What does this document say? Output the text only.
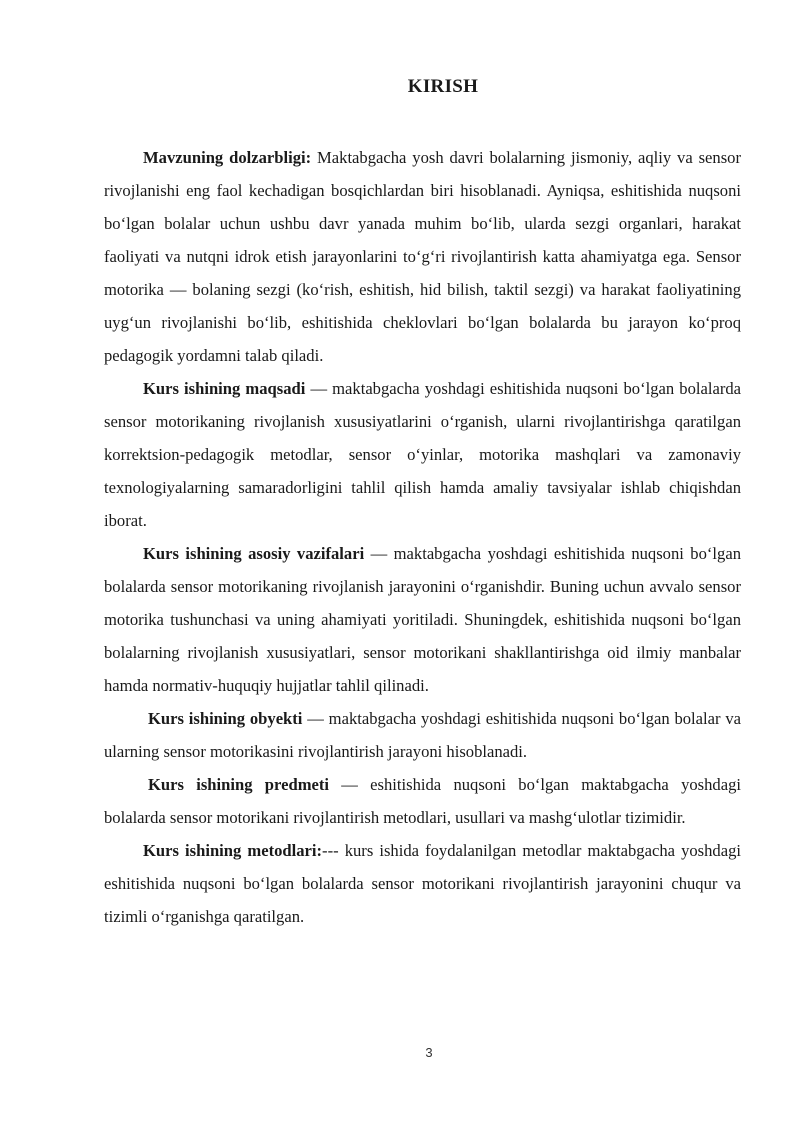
KIRISH

Mavzuning dolzarbligi: Maktabgacha yosh davri bolalarning jismoniy, aqliy va sensor rivojlanishi eng faol kechadigan bosqichlardan biri hisoblanadi. Ayniqsa, eshitishida nuqsoni bo‘lgan bolalar uchun ushbu davr yanada muhim bo‘lib, ularda sezgi organlari, harakat faoliyati va nutqni idrok etish jarayonlarini to‘g‘ri rivojlantirish katta ahamiyatga ega. Sensor motorika — bolaning sezgi (ko‘rish, eshitish, hid bilish, taktil sezgi) va harakat faoliyatining uyg‘un rivojlanishi bo‘lib, eshitishida cheklovlari bo‘lgan bolalarda bu jarayon ko‘proq pedagogik yordamni talab qiladi.

Kurs ishining maqsadi — maktabgacha yoshdagi eshitishida nuqsoni bo‘lgan bolalarda sensor motorikaning rivojlanish xususiyatlarini o‘rganish, ularni rivojlantirishga qaratilgan korrektsion-pedagogik metodlar, sensor o‘yinlar, motorika mashqlari va zamonaviy texnologiyalarning samaradorligini tahlil qilish hamda amaliy tavsiyalar ishlab chiqishdan iborat.

Kurs ishining asosiy vazifalari — maktabgacha yoshdagi eshitishida nuqsoni bo‘lgan bolalarda sensor motorikaning rivojlanish jarayonini o‘rganishdir. Buning uchun avvalo sensor motorika tushunchasi va uning ahamiyati yoritiladi. Shuningdek, eshitishida nuqsoni bo‘lgan bolalarning rivojlanish xususiyatlari, sensor motorikani shakllantirishga oid ilmiy manbalar hamda normativ-huquqiy hujjatlar tahlil qilinadi.

Kurs ishining obyekti — maktabgacha yoshdagi eshitishida nuqsoni bo‘lgan bolalar va ularning sensor motorikasini rivojlantirish jarayoni hisoblanadi.

Kurs ishining predmeti — eshitishida nuqsoni bo‘lgan maktabgacha yoshdagi bolalarda sensor motorikani rivojlantirish metodlari, usullari va mashg‘ulotlar tizimidir.

Kurs ishining metodlari:--- kurs ishida foydalanilgan metodlar maktabgacha yoshdagi eshitishida nuqsoni bo‘lgan bolalarda sensor motorikani rivojlantirish jarayonini chuqur va tizimli o‘rganishga qaratilgan.

3
